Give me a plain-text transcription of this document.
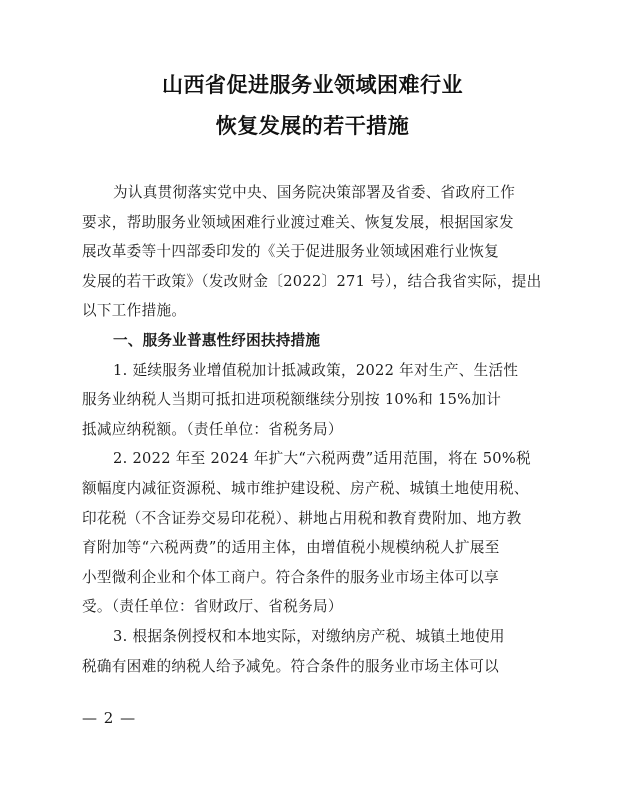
山西省促进服务业领域困难行业
恢复发展的若干措施
为认真贯彻落实党中央、国务院决策部署及省委、省政府工作
要求，帮助服务业领域困难行业渡过难关、恢复发展，根据国家发
展改革委等十四部委印发的《关于促进服务业领域困难行业恢复
发展的若干政策》（发改财金〔2022〕271 号），结合我省实际，提出
以下工作措施。
一、服务业普惠性纾困扶持措施
1. 延续服务业增值税加计抵减政策，2022 年对生产、生活性
服务业纳税人当期可抵扣进项税额继续分别按 10%和 15%加计
抵减应纳税额。（责任单位：省税务局）
2. 2022 年至 2024 年扩大“六税两费”适用范围，将在 50%税
额幅度内减征资源税、城市维护建设税、房产税、城镇土地使用税、
印花税（不含证券交易印花税）、耕地占用税和教育费附加、地方教
育附加等“六税两费”的适用主体，由增值税小规模纳税人扩展至
小型微利企业和个体工商户。符合条件的服务业市场主体可以享
受。（责任单位：省财政厅、省税务局）
3. 根据条例授权和本地实际，对缴纳房产税、城镇土地使用
税确有困难的纳税人给予减免。符合条件的服务业市场主体可以
— 2 —
